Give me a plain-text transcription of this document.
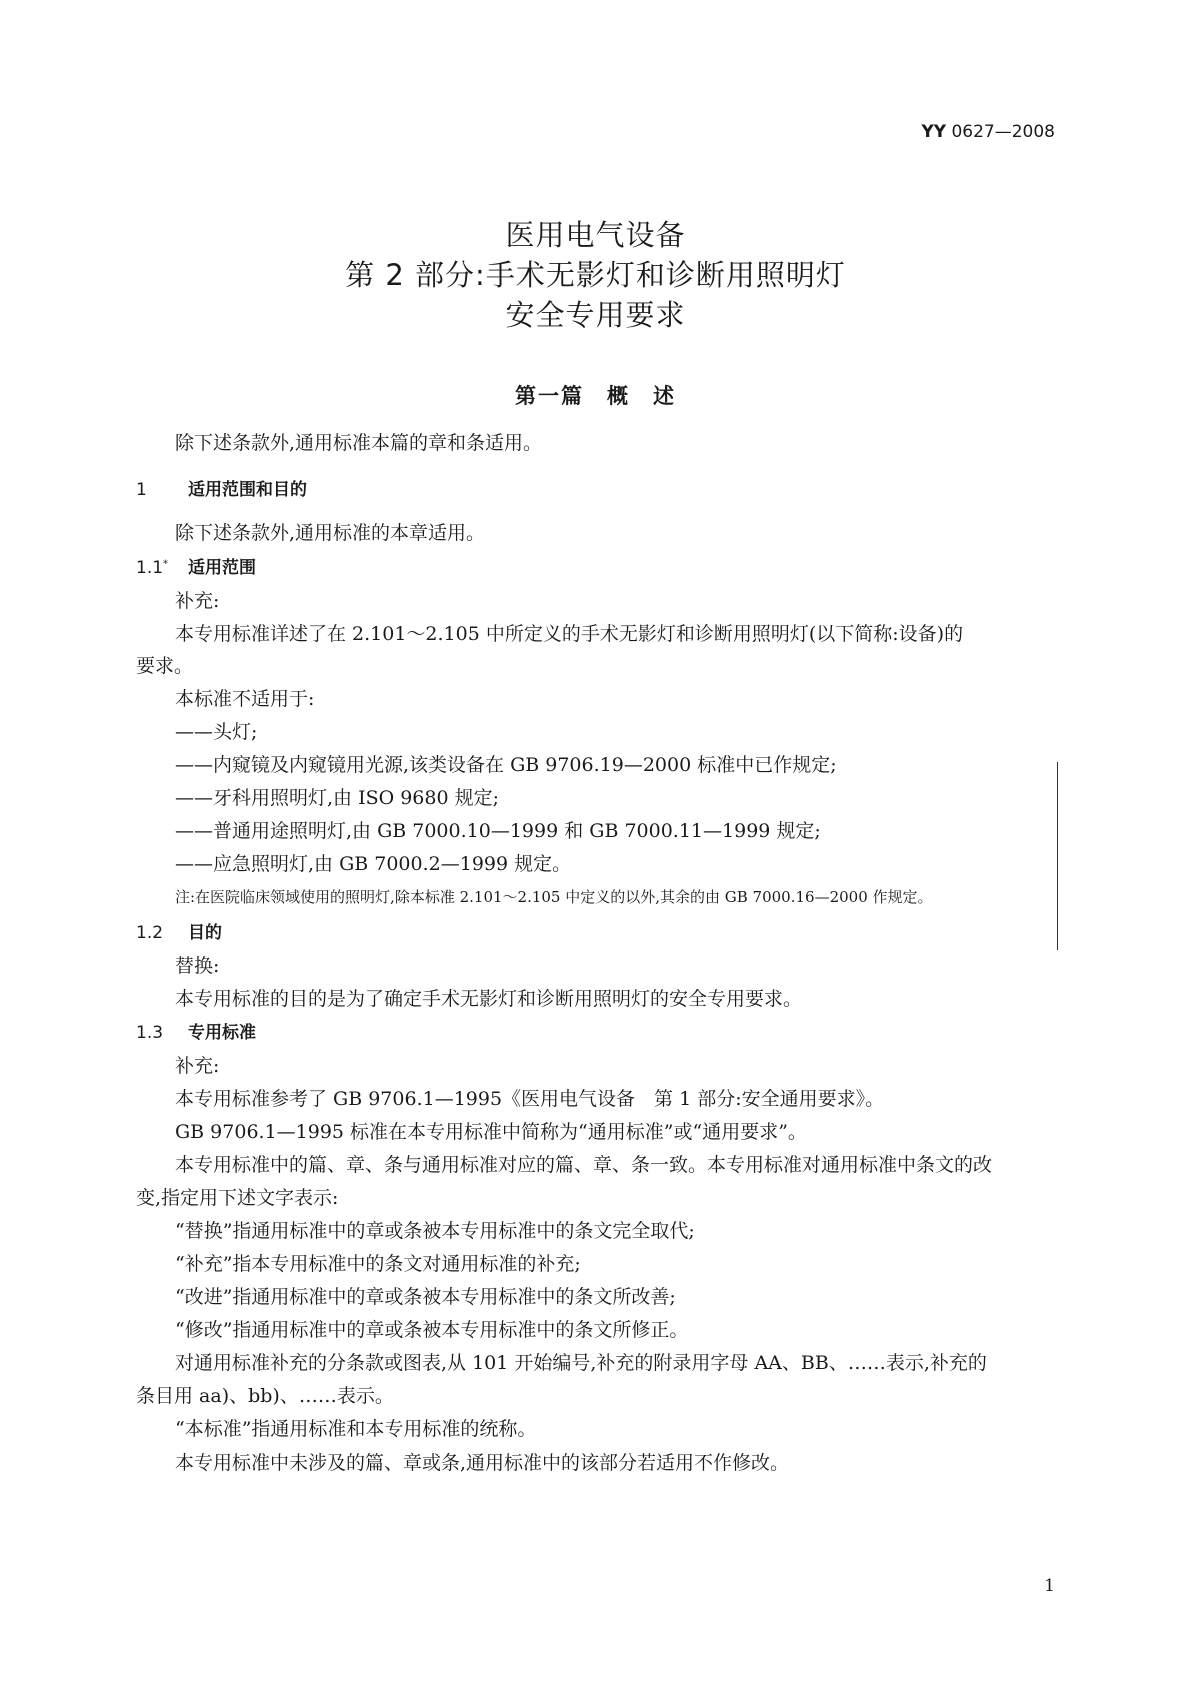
YY 0627—2008
医用电气设备
第 2 部分:手术无影灯和诊断用照明灯
安全专用要求
第一篇　概　述
除下述条款外,通用标准本篇的章和条适用。
1 适用范围和目的
除下述条款外,通用标准的本章适用。
1.1* 适用范围
补充:
本专用标准详述了在 2.101～2.105 中所定义的手术无影灯和诊断用照明灯(以下简称:设备)的
要求。
本标准不适用于:
——头灯;
——内窥镜及内窥镜用光源,该类设备在 GB 9706.19—2000 标准中已作规定;
——牙科用照明灯,由 ISO 9680 规定;
——普通用途照明灯,由 GB 7000.10—1999 和 GB 7000.11—1999 规定;
——应急照明灯,由 GB 7000.2—1999 规定。
注:在医院临床领域使用的照明灯,除本标准 2.101～2.105 中定义的以外,其余的由 GB 7000.16—2000 作规定。
1.2 目的
替换:
本专用标准的目的是为了确定手术无影灯和诊断用照明灯的安全专用要求。
1.3 专用标准
补充:
本专用标准参考了 GB 9706.1—1995《医用电气设备　第 1 部分:安全通用要求》。
GB 9706.1—1995 标准在本专用标准中简称为“通用标准”或“通用要求”。
本专用标准中的篇、章、条与通用标准对应的篇、章、条一致。本专用标准对通用标准中条文的改
变,指定用下述文字表示:
“替换”指通用标准中的章或条被本专用标准中的条文完全取代;
“补充”指本专用标准中的条文对通用标准的补充;
“改进”指通用标准中的章或条被本专用标准中的条文所改善;
“修改”指通用标准中的章或条被本专用标准中的条文所修正。
对通用标准补充的分条款或图表,从 101 开始编号,补充的附录用字母 AA、BB、……表示,补充的
条目用 aa)、bb)、……表示。
“本标准”指通用标准和本专用标准的统称。
本专用标准中未涉及的篇、章或条,通用标准中的该部分若适用不作修改。
1
